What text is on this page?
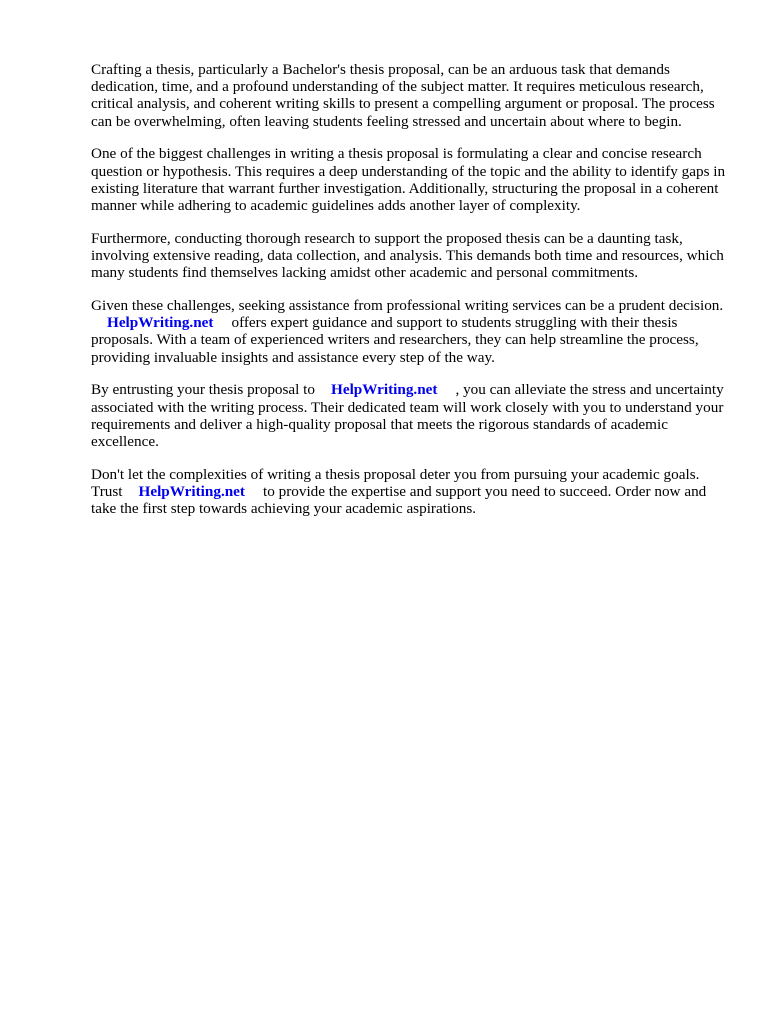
Crafting a thesis, particularly a Bachelor's thesis proposal, can be an arduous task that demands dedication, time, and a profound understanding of the subject matter. It requires meticulous research, critical analysis, and coherent writing skills to present a compelling argument or proposal. The process can be overwhelming, often leaving students feeling stressed and uncertain about where to begin.

One of the biggest challenges in writing a thesis proposal is formulating a clear and concise research question or hypothesis. This requires a deep understanding of the topic and the ability to identify gaps in existing literature that warrant further investigation. Additionally, structuring the proposal in a coherent manner while adhering to academic guidelines adds another layer of complexity.

Furthermore, conducting thorough research to support the proposed thesis can be a daunting task, involving extensive reading, data collection, and analysis. This demands both time and resources, which many students find themselves lacking amidst other academic and personal commitments.

Given these challenges, seeking assistance from professional writing services can be a prudent decision.HelpWriting.net offers expert guidance and support to students struggling with their thesis proposals. With a team of experienced writers and researchers, they can help streamline the process, providing invaluable insights and assistance every step of the way.

By entrusting your thesis proposal to HelpWriting.net , you can alleviate the stress and uncertainty associated with the writing process. Their dedicated team will work closely with you to understand your requirements and deliver a high-quality proposal that meets the rigorous standards of academic excellence.

Don't let the complexities of writing a thesis proposal deter you from pursuing your academic goals. Trust HelpWriting.net to provide the expertise and support you need to succeed. Order now and take the first step towards achieving your academic aspirations.
